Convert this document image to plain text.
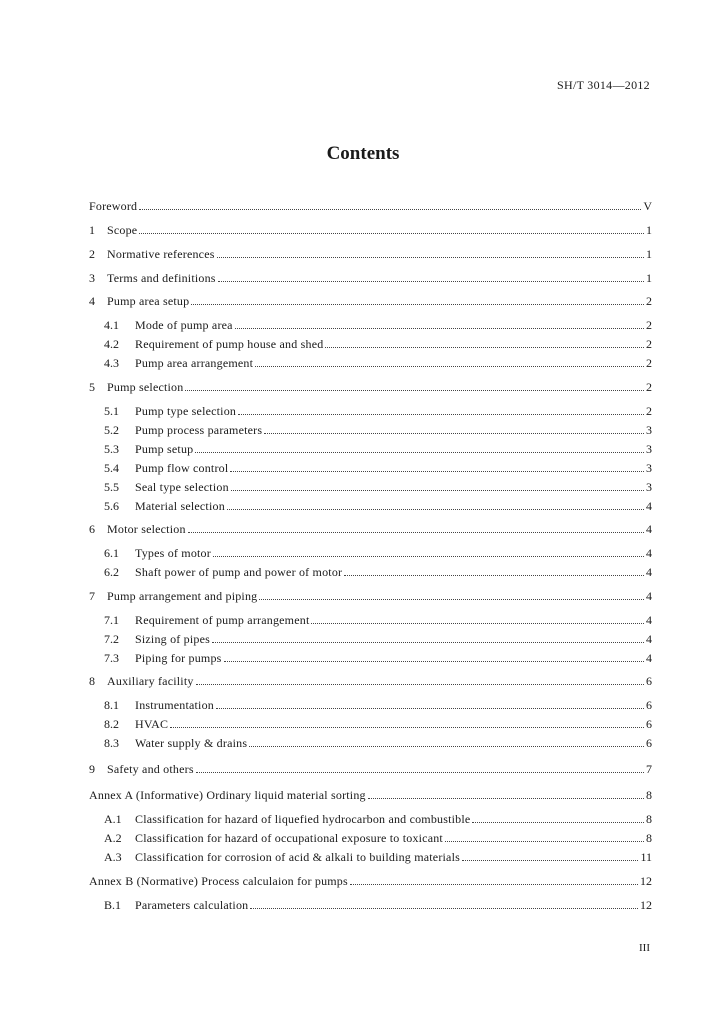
SH/T 3014—2012
Contents
Foreword	V
1	Scope	1
2	Normative references	1
3	Terms and definitions	1
4	Pump area setup	2
4.1	Mode of pump area	2
4.2	Requirement of pump house and shed	2
4.3	Pump area arrangement	2
5	Pump selection	2
5.1	Pump type selection	2
5.2	Pump process parameters	3
5.3	Pump setup	3
5.4	Pump flow control	3
5.5	Seal type selection	3
5.6	Material selection	4
6	Motor selection	4
6.1	Types of motor	4
6.2	Shaft power of pump and power of motor	4
7	Pump arrangement and piping	4
7.1	Requirement of pump arrangement	4
7.2	Sizing of pipes	4
7.3	Piping for pumps	4
8	Auxiliary facility	6
8.1	Instrumentation	6
8.2	HVAC	6
8.3	Water supply & drains	6
9	Safety and others	7
Annex A (Informative) Ordinary liquid material sorting	8
A.1	Classification for hazard of liquefied hydrocarbon and combustible	8
A.2	Classification for hazard of occupational exposure to toxicant	8
A.3	Classification for corrosion of acid & alkali to building materials	11
Annex B (Normative) Process calculaion for pumps	12
B.1	Parameters calculation	12
III
